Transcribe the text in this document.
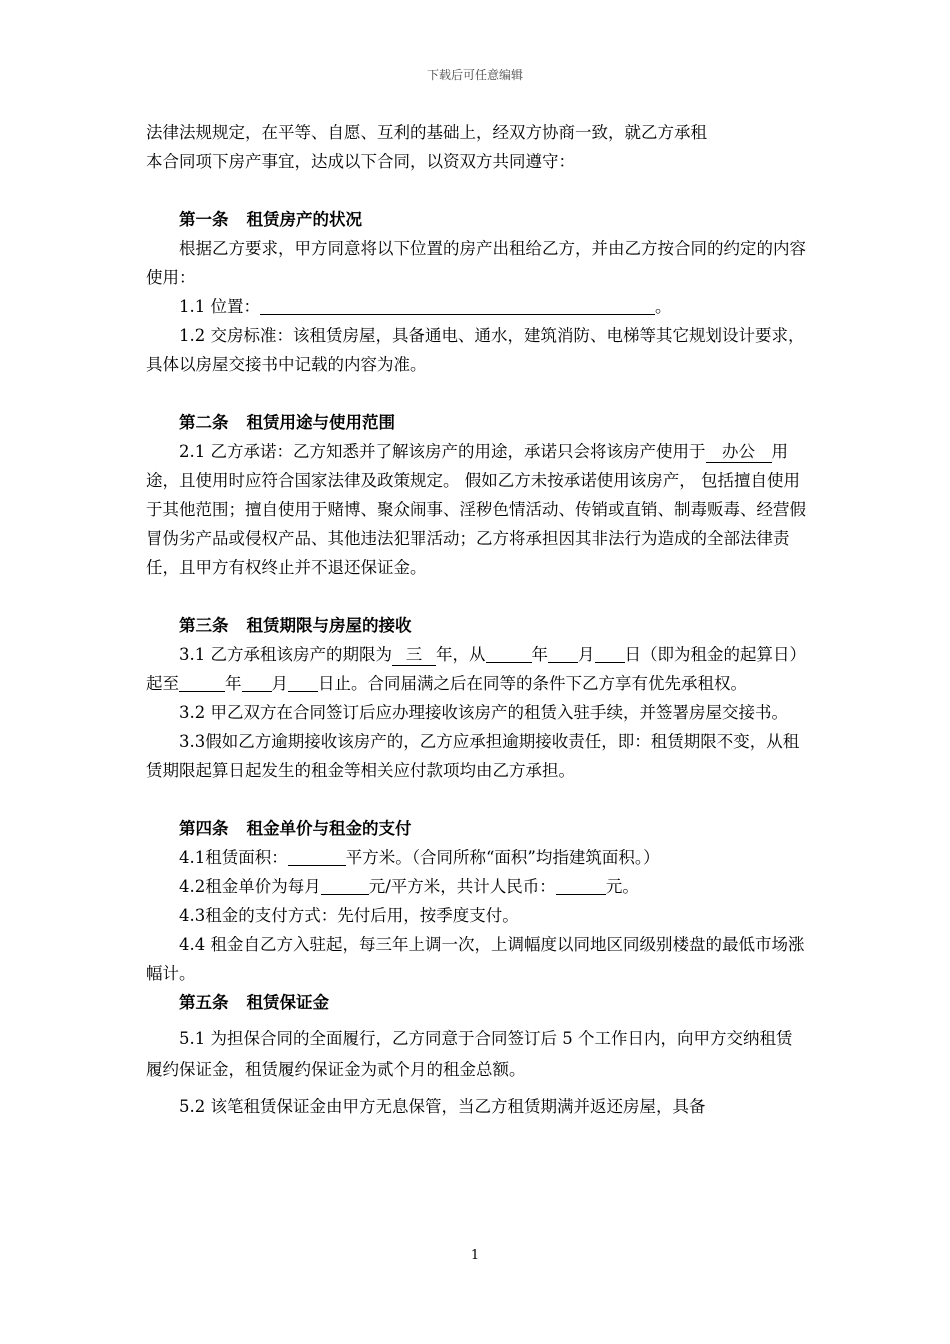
下载后可任意编辑

法律法规规定，在平等、自愿、互利的基础上，经双方协商一致，就乙方承租

本合同项下房产事宜，达成以下合同，以资双方共同遵守：

第一条 租赁房产的状况

根据乙方要求，甲方同意将以下位置的房产出租给乙方，并由乙方按合同的约定的内容使用：

1.1 位置：	。

1.2 交房标准：该租赁房屋，具备通电、通水，建筑消防、电梯等其它规划设计要求，具体以房屋交接书中记载的内容为准。

第二条 租赁用途与使用范围

2.1 乙方承诺：乙方知悉并了解该房产的用途，承诺只会将该房产使用于 办公 用途，且使用时应符合国家法律及政策规定。 假如乙方未按承诺使用该房产， 包括擅自使用于其他范围；擅自使用于赌博、聚众闹事、淫秽色情活动、传销或直销、制毒贩毒、经营假冒伪劣产品或侵权产品、其他违法犯罪活动；乙方将承担因其非法行为造成的全部法律责任，且甲方有权终止并不退还保证金。

第三条 租赁期限与房屋的接收

3.1 乙方承租该房产的期限为 三 年，从	年 月 日（即为租金的起算日）起至	年 月 日止。合同届满之后在同等的条件下乙方享有优先承租权。

3.2 甲乙双方在合同签订后应办理接收该房产的租赁入驻手续，并签署房屋交接书。

3.3假如乙方逾期接收该房产的，乙方应承担逾期接收责任，即：租赁期限不变，从租赁期限起算日起发生的租金等相关应付款项均由乙方承担。

第四条 租金单价与租金的支付

4.1租赁面积：	平方米。（合同所称“面积”均指建筑面积。）

4.2租金单价为每月	元/平方米，共计人民币：	元。

4.3租金的支付方式：先付后用，按季度支付。

4.4 租金自乙方入驻起，每三年上调一次，上调幅度以同地区同级别楼盘的最低市场涨幅计。

第五条 租赁保证金

5.1 为担保合同的全面履行，乙方同意于合同签订后 5 个工作日内，向甲方交纳租赁履约保证金，租赁履约保证金为贰个月的租金总额。

5.2 该笔租赁保证金由甲方无息保管，当乙方租赁期满并返还房屋，具备

1
